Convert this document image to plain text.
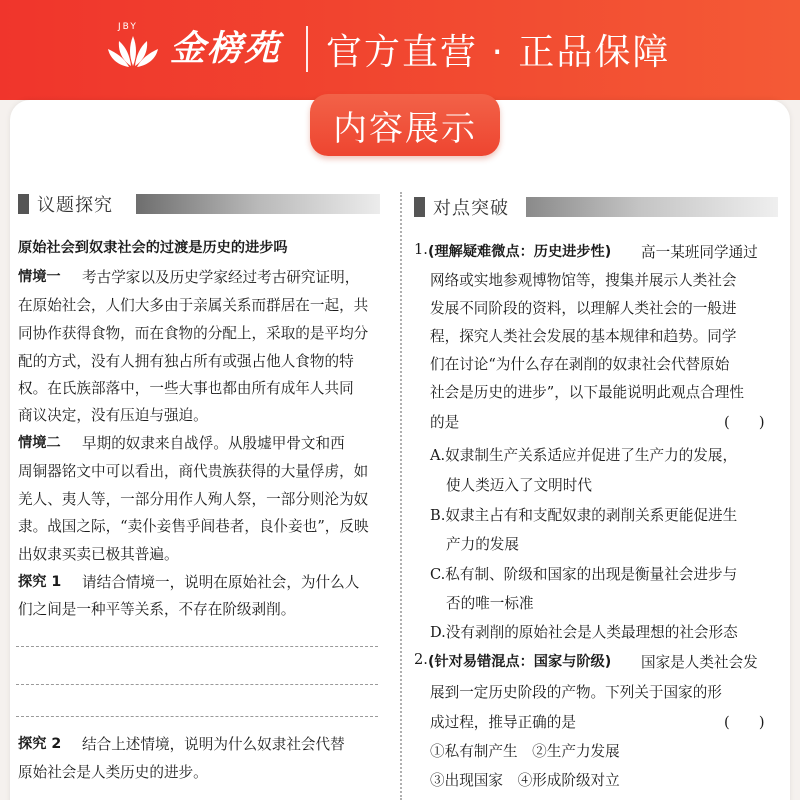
JBY
金榜苑 官方直营 · 正品保障
内容展示
议题探究	对点突破
原始社会到奴隶社会的过渡是历史的进步吗
情境一 考古学家以及历史学家经过考古研究证明，
在原始社会，人们大多由于亲属关系而群居在一起，共
同协作获得食物，而在食物的分配上，采取的是平均分
配的方式，没有人拥有独占所有或强占他人食物的特
权。在氏族部落中，一些大事也都由所有成年人共同
商议决定，没有压迫与强迫。
情境二 早期的奴隶来自战俘。从殷墟甲骨文和西
周铜器铭文中可以看出，商代贵族获得的大量俘虏，如
羌人、夷人等，一部分用作人殉人祭，一部分则沦为奴
隶。战国之际，“卖仆妾售乎闾巷者，良仆妾也”，反映
出奴隶买卖已极其普遍。
探究 1 请结合情境一，说明在原始社会，为什么人
们之间是一种平等关系，不存在阶级剥削。
探究 2 结合上述情境，说明为什么奴隶社会代替
原始社会是人类历史的进步。
1. (理解疑难微点：历史进步性) 高一某班同学通过
网络或实地参观博物馆等，搜集并展示人类社会
发展不同阶段的资料，以理解人类社会的一般进
程，探究人类社会发展的基本规律和趋势。同学
们在讨论“为什么存在剥削的奴隶社会代替原始
社会是历史的进步”，以下最能说明此观点合理性
的是	(　　)
A.奴隶制生产关系适应并促进了生产力的发展，
使人类迈入了文明时代
B.奴隶主占有和支配奴隶的剥削关系更能促进生
产力的发展
C.私有制、阶级和国家的出现是衡量社会进步与
否的唯一标准
D.没有剥削的原始社会是人类最理想的社会形态
2. (针对易错混点：国家与阶级) 国家是人类社会发
展到一定历史阶段的产物。下列关于国家的形
成过程，推导正确的是	(　　)
①私有制产生　②生产力发展
③出现国家　④形成阶级对立
